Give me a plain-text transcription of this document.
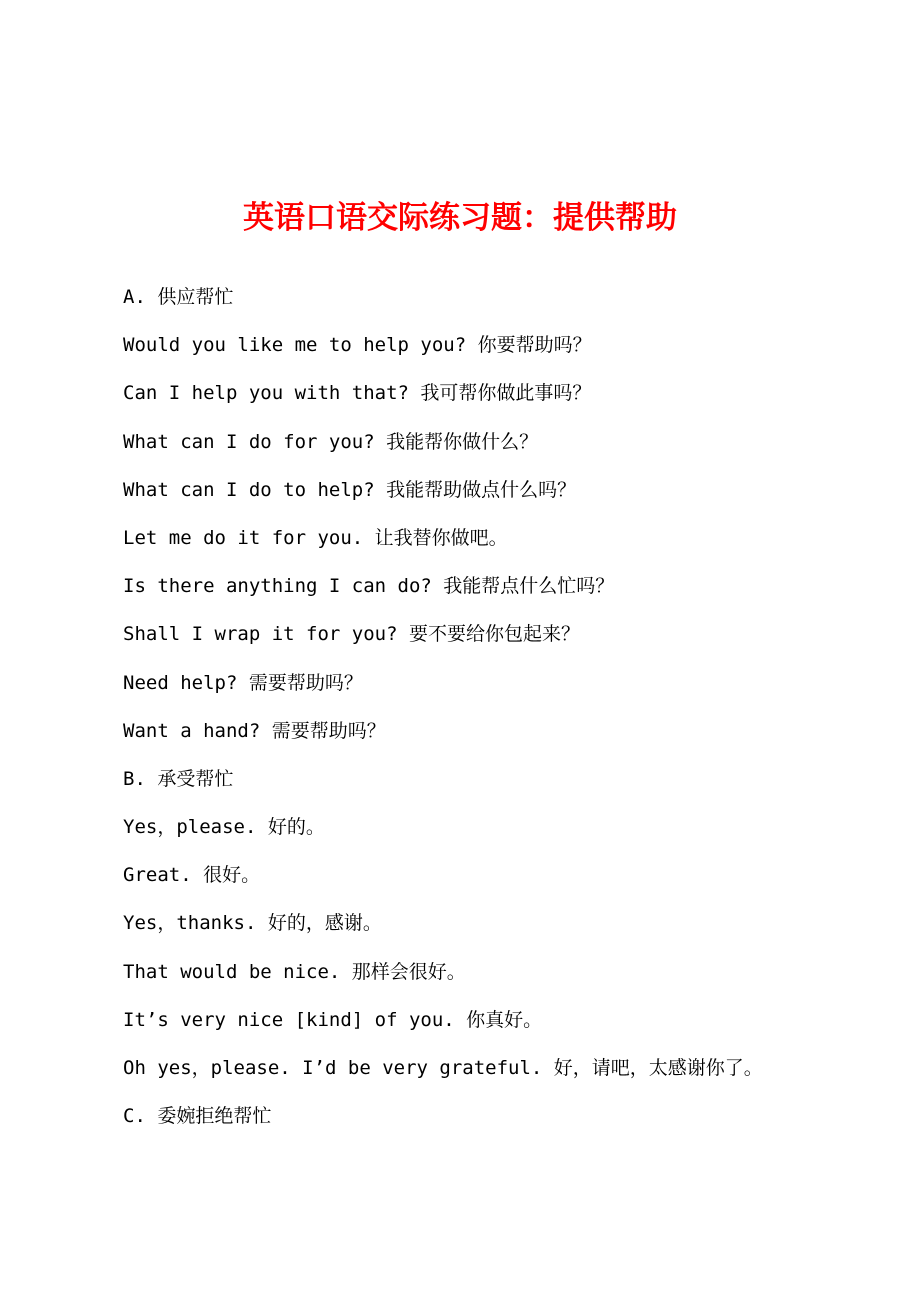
英语口语交际练习题：提供帮助
A. 供应帮忙
Would you like me to help you? 你要帮助吗？
Can I help you with that? 我可帮你做此事吗？
What can I do for you? 我能帮你做什么？
What can I do to help? 我能帮助做点什么吗？
Let me do it for you. 让我替你做吧。
Is there anything I can do? 我能帮点什么忙吗？
Shall I wrap it for you? 要不要给你包起来？
Need help? 需要帮助吗？
Want a hand? 需要帮助吗？
B. 承受帮忙
Yes，please. 好的。
Great. 很好。
Yes，thanks. 好的，感谢。
That would be nice. 那样会很好。
It’s very nice [kind] of you. 你真好。
Oh yes，please. I’d be very grateful. 好，请吧，太感谢你了。
C. 委婉拒绝帮忙
